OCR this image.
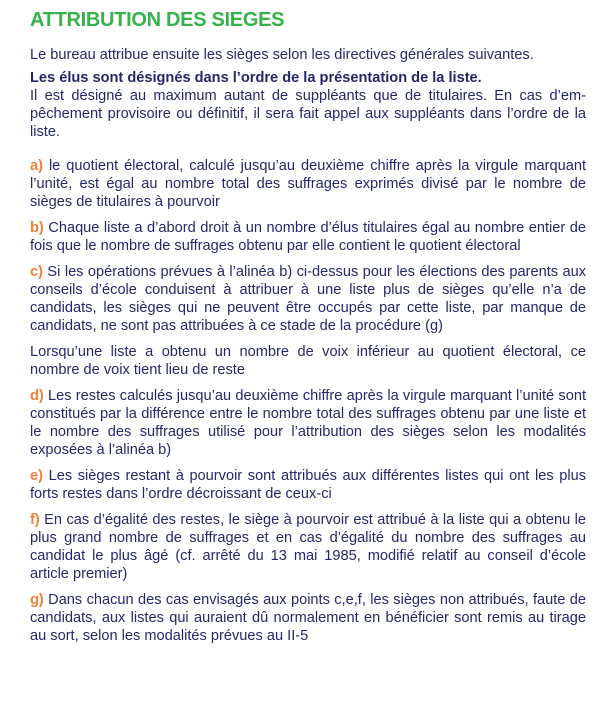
ATTRIBUTION DES SIEGES

Le bureau attribue ensuite les sièges selon les directives générales suivantes.

Les élus sont désignés dans l’ordre de la présentation de la liste.

Il est désigné au maximum autant de suppléants que de titulaires. En cas d’empêchement provisoire ou définitif, il sera fait appel aux suppléants dans l’ordre de la liste.

a) le quotient électoral, calculé jusqu’au deuxième chiffre après la virgule marquant l’unité, est égal au nombre total des suffrages exprimés divisé par le nombre de sièges de titulaires à pourvoir

b) Chaque liste a d’abord droit à un nombre d’élus titulaires égal au nombre entier de fois que le nombre de suffrages obtenu par elle contient le quotient électoral

c) Si les opérations prévues à l’alinéa b) ci-dessus pour les élections des parents aux conseils d’école conduisent à attribuer à une liste plus de sièges qu’elle n’a de candidats, les sièges qui ne peuvent être occupés par cette liste, par manque de candidats, ne sont pas attribuées à ce stade de la procédure (g)

Lorsqu’une liste a obtenu un nombre de voix inférieur au quotient électoral, ce nombre de voix tient lieu de reste

d) Les restes calculés jusqu’au deuxième chiffre après la virgule marquant l’unité sont constitués par la différence entre le nombre total des suffrages obtenu par une liste et le nombre des suffrages utilisé pour l’attribution des sièges selon les modalités exposées à l’alinéa b)

e) Les sièges restant à pourvoir sont attribués aux différentes listes qui ont les plus forts restes dans l’ordre décroissant de ceux-ci

f) En cas d’égalité des restes, le siège à pourvoir est attribué à la liste qui a obtenu le plus grand nombre de suffrages et en cas d’égalité du nombre des suffrages au candidat le plus âgé (cf. arrêté du 13 mai 1985, modifié relatif au conseil d’école article premier)

g) Dans chacun des cas envisagés aux points c,e,f, les sièges non attribués, faute de candidats, aux listes qui auraient dû normalement en bénéficier sont remis au tirage au sort, selon les modalités prévues au II-5
